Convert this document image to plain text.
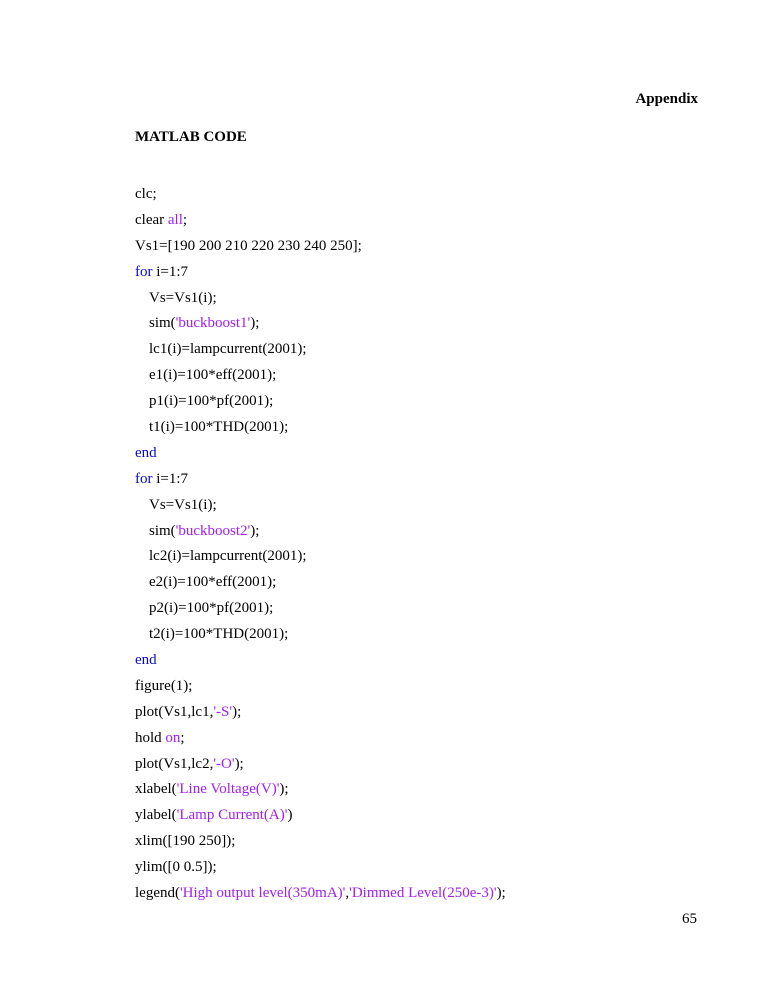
Appendix
MATLAB CODE
clc;
clear all;
Vs1=[190 200 210 220 230 240 250];
for i=1:7
Vs=Vs1(i);
sim('buckboost1');
lc1(i)=lampcurrent(2001);
e1(i)=100*eff(2001);
p1(i)=100*pf(2001);
t1(i)=100*THD(2001);
end
for i=1:7
Vs=Vs1(i);
sim('buckboost2');
lc2(i)=lampcurrent(2001);
e2(i)=100*eff(2001);
p2(i)=100*pf(2001);
t2(i)=100*THD(2001);
end
figure(1);
plot(Vs1,lc1,'-S');
hold on;
plot(Vs1,lc2,'-O');
xlabel('Line Voltage(V)');
ylabel('Lamp Current(A)')
xlim([190 250]);
ylim([0 0.5]);
legend('High output level(350mA)','Dimmed Level(250e-3)');
65
